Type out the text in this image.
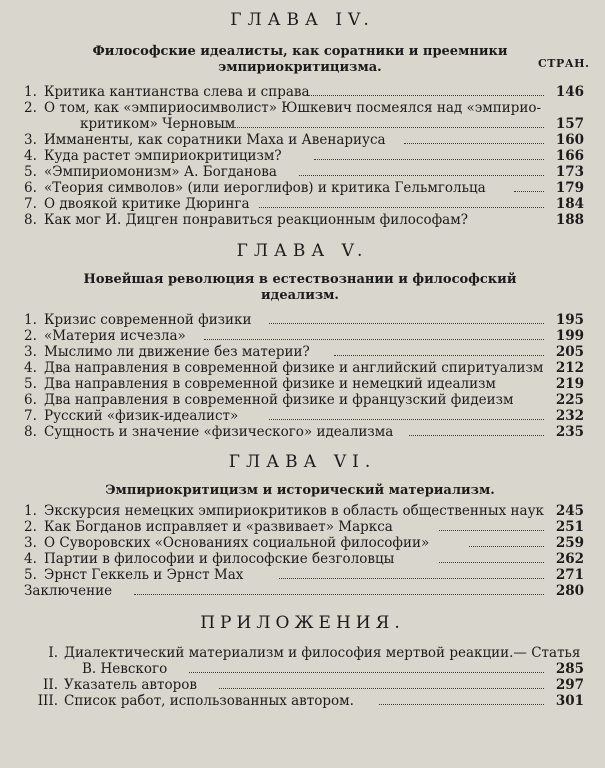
ГЛАВА IV.
Философские идеалисты, как соратники и преемники
эмпириокритицизма.	СТРАН.
1. Критика кантианства слева и справа	146
2. О том, как «эмпириосимволист» Юшкевич посмеялся над «эмпирио-
критиком» Черновым	157
3. Имманенты, как соратники Маха и Авенариуса	160
4. Куда растет эмпириокритицизм?	166
5. «Эмпириомонизм» А. Богданова	173
6. «Теория символов» (или иероглифов) и критика Гельмгольца	179
7. О двоякой критике Дюринга	184
8. Как мог И. Дицген понравиться реакционным философам?	188
ГЛАВА V.
Новейшая революция в естествознании и философский
идеализм.
1. Кризис современной физики	195
2. «Материя исчезла»	199
3. Мыслимо ли движение без материи?	205
4. Два направления в современной физике и английский спиритуализм 212
5. Два направления в современной физике и немецкий идеализм	219
6. Два направления в современной физике и французский фидеизм	225
7. Русский «физик-идеалист»	232
8. Сущность и значение «физического» идеализма	235
ГЛАВА VI.
Эмпириокритицизм и исторический материализм.
1. Экскурсия немецких эмпириокритиков в область общественных наук 245
2. Как Богданов исправляет и «развивает» Маркса	251
3. О Суворовских «Основаниях социальной философии»	259
4. Партии в философии и философские безголовцы	262
5. Эрнст Геккель и Эрнст Мах	271
Заключение	280
ПРИЛОЖЕНИЯ.
I. Диалектический материализм и философия мертвой реакции.— Статья
В. Невского	285
II. Указатель авторов	297
III. Список работ, использованных автором.	301
